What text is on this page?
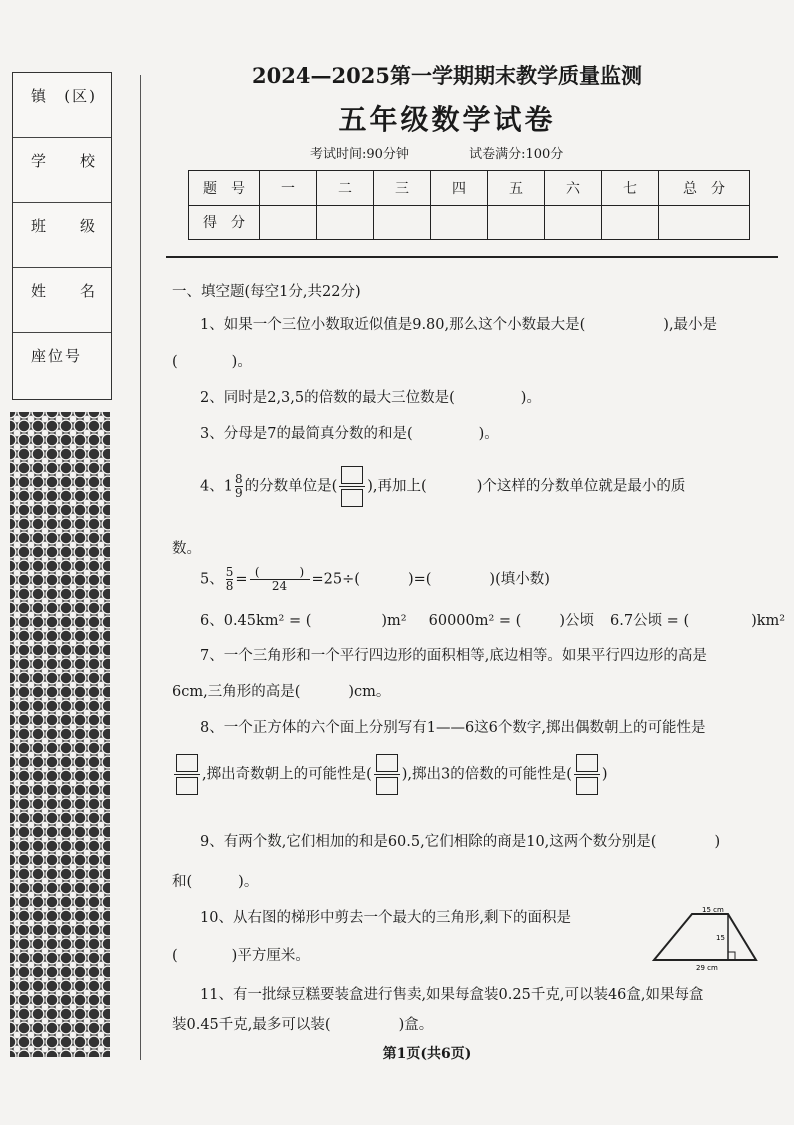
镇 (区)
学 校
班 级
姓 名
座位号
2024—2025第一学期期末教学质量监测
五年级数学试卷
考试时间:90分钟	试卷满分:100分
题　号	一	二	三	四	五	六	七	总　分
得　分								
一、填空题(每空1分,共22分)
1、如果一个三位小数取近似值是9.80,那么这个小数最大是(	),最小是
(	)。
2、同时是2,3,5的倍数的最大三位数是(	)。
3、分母是7的最简真分数的和是(	)。
4、$1 \frac{8}{9}$ 的分数单位是( ),再加上(	)个这样的分数单位就是最小的质
数。
5、 $\frac{5}{8}$ = (	)
24 =25÷(	)=(	)(填小数)
6、0.45km² = (	)m² 60000m² = (	)公顷 6.7公顷 = (	)km²
7、一个三角形和一个平行四边形的面积相等,底边相等。如果平行四边形的高是
6cm,三角形的高是(	)cm。
8、一个正方体的六个面上分别写有1——6这6个数字,掷出偶数朝上的可能性是
,掷出奇数朝上的可能性是( ),掷出3的倍数的可能性是( )
9、有两个数,它们相加的和是60.5,它们相除的商是10,这两个数分别是(	)
和(	)。
10、从右图的梯形中剪去一个最大的三角形,剩下的面积是
(	)平方厘米。
15 cm
15
29 cm
11、有一批绿豆糕要装盒进行售卖,如果每盒装0.25千克,可以装46盒,如果每盒
装0.45千克,最多可以装(	)盒。
第1页(共6页)
